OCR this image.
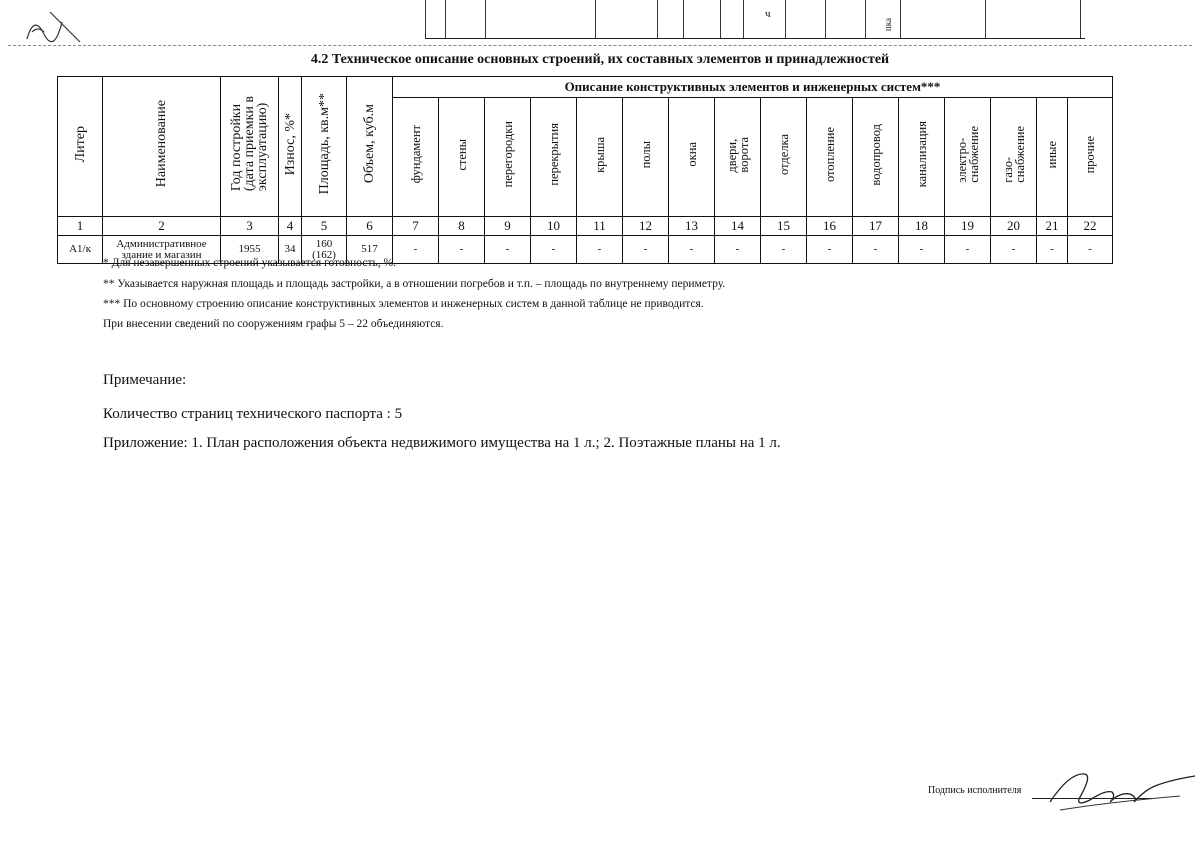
ч
пка
4.2 Техническое описание основных строений, их составных элементов и принадлежностей
Литер	Наименование	Год постройки
(дата приемки в
эксплуатацию)	Износ, %*	Площадь, кв.м**	Объем, куб.м	Описание конструктивных элементов и инженерных систем***															
						фундамент	стены	перегородки	перекрытия	крыша	полы	окна	двери,
ворота	отделка	отопление	водопровод	канализация	электро-
снабжение	газо-
снабжение	иные	прочие
1	2	3	4	5	6	7	8	9	10	11	12	13	14	15	16	17	18	19	20	21	22
А1/к	Административное здание и магазин	1955	34	160
(162)	517	-	-	-	-	-	-	-	-	-	-	-	-	-	-	-	-
* Для незавершенных строений указывается готовность, %.
** Указывается наружная площадь и площадь застройки, а в отношении погребов и т.п. – площадь по внутреннему периметру.
*** По основному строению описание конструктивных элементов и инженерных систем в данной таблице не приводится.
При внесении сведений по сооружениям графы 5 – 22 объединяются.
Примечание:
Количество страниц технического паспорта : 5
Приложение: 1. План расположения объекта недвижимого имущества на 1 л.; 2. Поэтажные планы на 1 л.
Подпись исполнителя
